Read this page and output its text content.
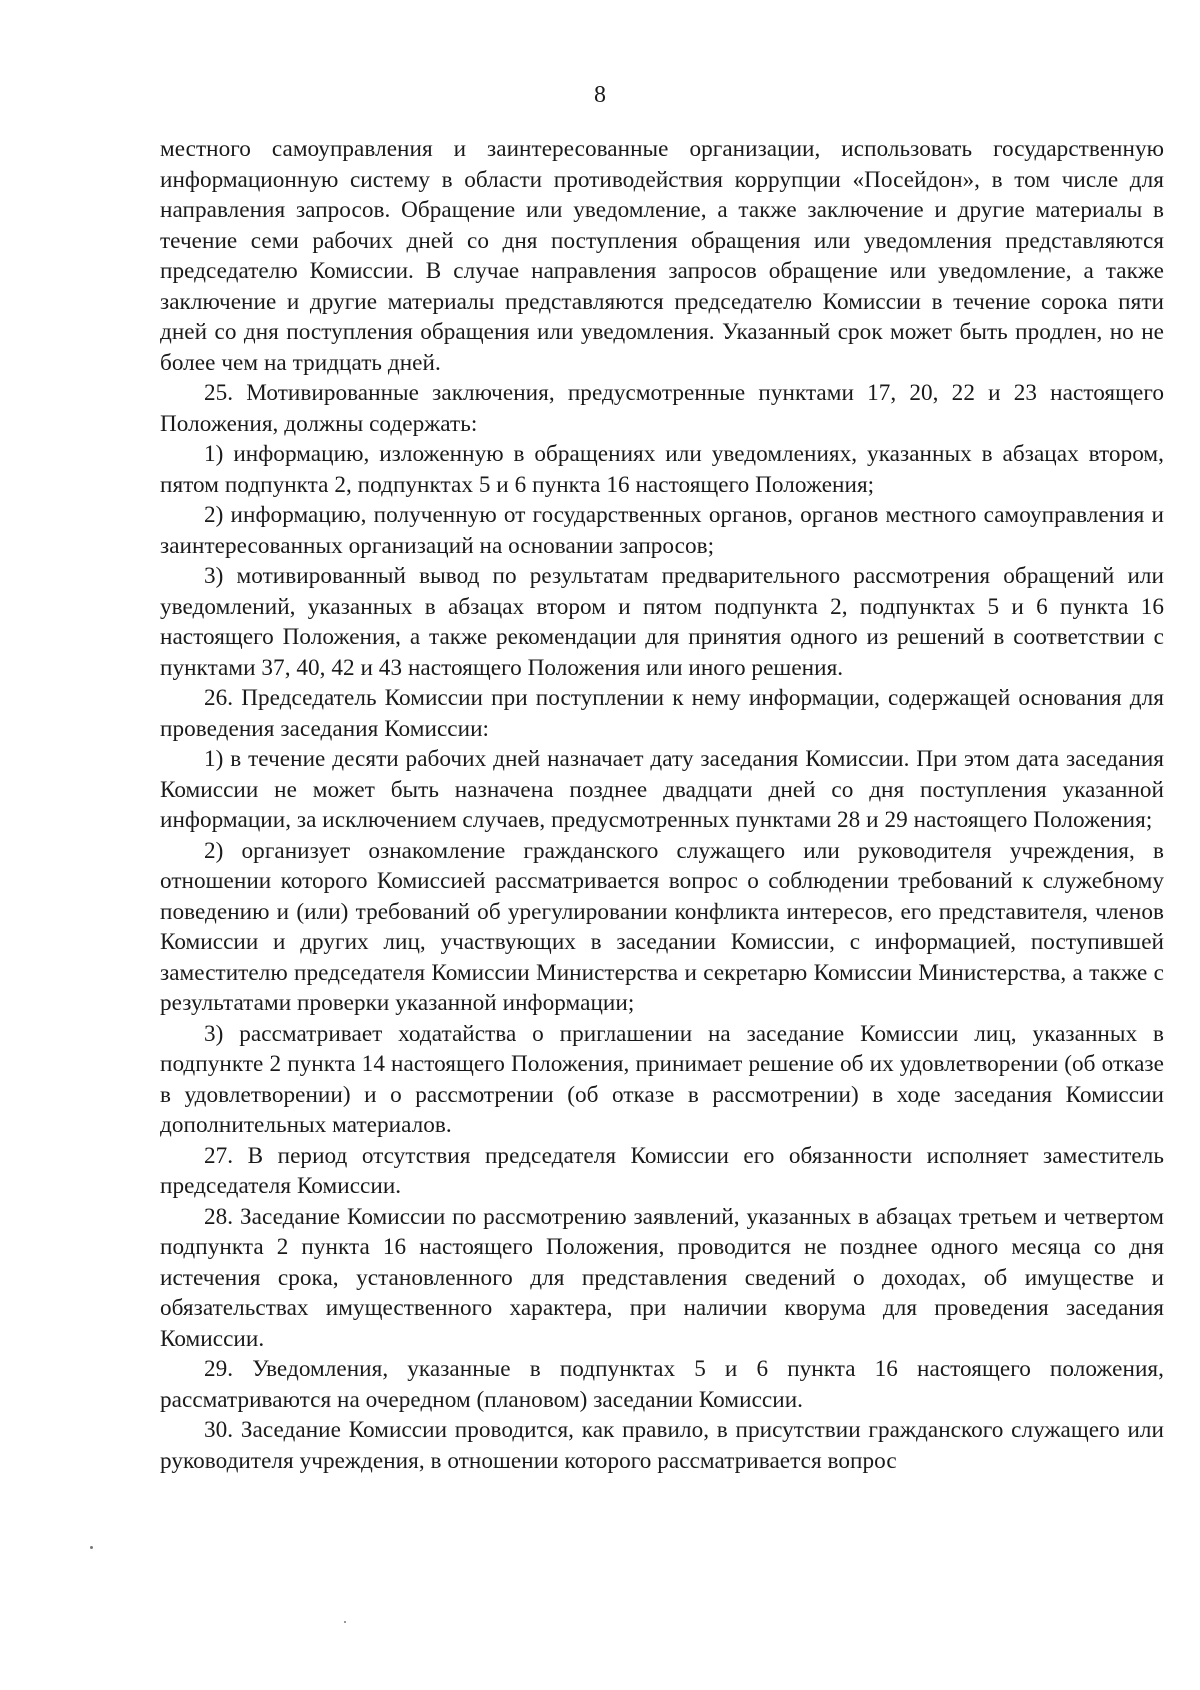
8

местного самоуправления и заинтересованные организации, использовать государственную информационную систему в области противодействия коррупции «Посейдон», в том числе для направления запросов. Обращение или уведомление, а также заключение и другие материалы в течение семи рабочих дней со дня поступления обращения или уведомления представляются председателю Комиссии. В случае направления запросов обращение или уведомление, а также заключение и другие материалы представляются председателю Комиссии в течение сорока пяти дней со дня поступления обращения или уведомления. Указанный срок может быть продлен, но не более чем на тридцать дней.

25. Мотивированные заключения, предусмотренные пунктами 17, 20, 22 и 23 настоящего Положения, должны содержать:

1) информацию, изложенную в обращениях или уведомлениях, указанных в абзацах втором, пятом подпункта 2, подпунктах 5 и 6 пункта 16 настоящего Положения;

2) информацию, полученную от государственных органов, органов местного самоуправления и заинтересованных организаций на основании запросов;

3) мотивированный вывод по результатам предварительного рассмотрения обращений или уведомлений, указанных в абзацах втором и пятом подпункта 2, подпунктах 5 и 6 пункта 16 настоящего Положения, а также рекомендации для принятия одного из решений в соответствии с пунктами 37, 40, 42 и 43 настоящего Положения или иного решения.

26. Председатель Комиссии при поступлении к нему информации, содержащей основания для проведения заседания Комиссии:

1) в течение десяти рабочих дней назначает дату заседания Комиссии. При этом дата заседания Комиссии не может быть назначена позднее двадцати дней со дня поступления указанной информации, за исключением случаев, предусмотренных пунктами 28 и 29 настоящего Положения;

2) организует ознакомление гражданского служащего или руководителя учреждения, в отношении которого Комиссией рассматривается вопрос о соблюдении требований к служебному поведению и (или) требований об урегулировании конфликта интересов, его представителя, членов Комиссии и других лиц, участвующих в заседании Комиссии, с информацией, поступившей заместителю председателя Комиссии Министерства и секретарю Комиссии Министерства, а также с результатами проверки указанной информации;

3) рассматривает ходатайства о приглашении на заседание Комиссии лиц, указанных в подпункте 2 пункта 14 настоящего Положения, принимает решение об их удовлетворении (об отказе в удовлетворении) и о рассмотрении (об отказе в рассмотрении) в ходе заседания Комиссии дополнительных материалов.

27. В период отсутствия председателя Комиссии его обязанности исполняет заместитель председателя Комиссии.

28. Заседание Комиссии по рассмотрению заявлений, указанных в абзацах третьем и четвертом подпункта 2 пункта 16 настоящего Положения, проводится не позднее одного месяца со дня истечения срока, установленного для представления сведений о доходах, об имуществе и обязательствах имущественного характера, при наличии кворума для проведения заседания Комиссии.

29. Уведомления, указанные в подпунктах 5 и 6 пункта 16 настоящего положения, рассматриваются на очередном (плановом) заседании Комиссии.

30. Заседание Комиссии проводится, как правило, в присутствии гражданского служащего или руководителя учреждения, в отношении которого рассматривается вопрос
